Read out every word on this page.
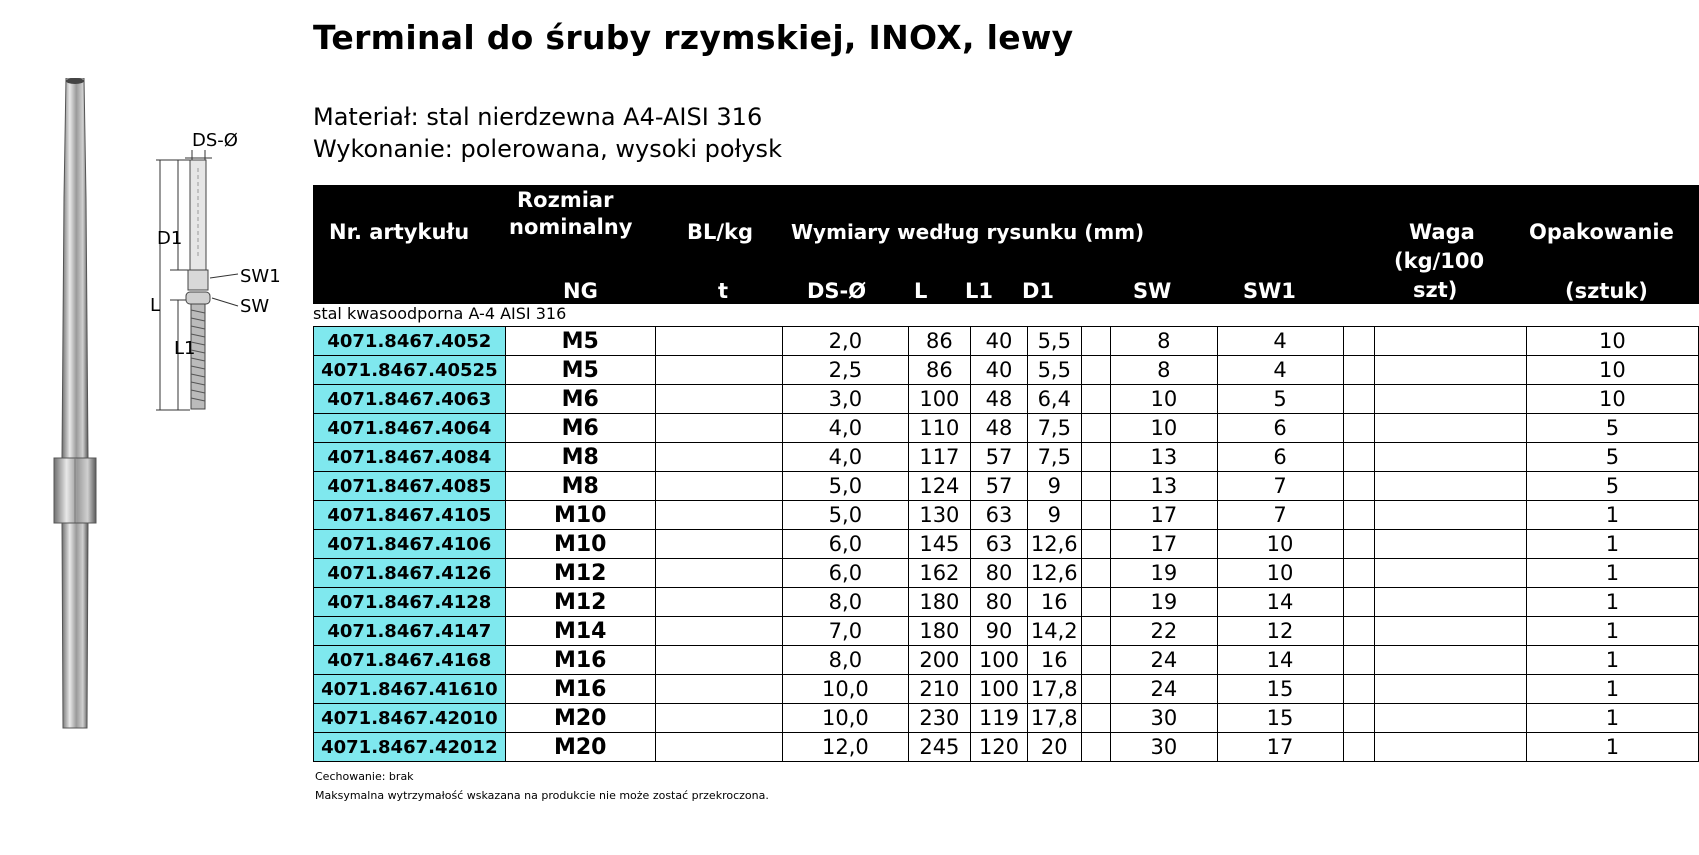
Terminal do śruby rzymskiej, INOX, lewy
Materiał: stal nierdzewna A4-AISI 316
Wykonanie: polerowana, wysoki połysk
DS-Ø
D1
SW1
L	SW
L1
Nr. artykułu
Rozmiar
nominalny
NG
BL/kg
t
Wymiary według rysunku (mm)
DS-Ø L L1 D1	SW	SW1
Waga
(kg/100
szt)
Opakowanie
(sztuk)
stal kwasoodporna A-4 AISI 316
4071.8467.4052	M5		2,0	86	40	5,5		8	4			10
4071.8467.40525	M5		2,5	86	40	5,5		8	4			10
4071.8467.4063	M6		3,0	100	48	6,4		10	5			10
4071.8467.4064	M6		4,0	110	48	7,5		10	6			5
4071.8467.4084	M8		4,0	117	57	7,5		13	6			5
4071.8467.4085	M8		5,0	124	57	9		13	7			5
4071.8467.4105	M10		5,0	130	63	9		17	7			1
4071.8467.4106	M10		6,0	145	63	12,6		17	10			1
4071.8467.4126	M12		6,0	162	80	12,6		19	10			1
4071.8467.4128	M12		8,0	180	80	16		19	14			1
4071.8467.4147	M14		7,0	180	90	14,2		22	12			1
4071.8467.4168	M16		8,0	200	100	16		24	14			1
4071.8467.41610	M16		10,0	210	100	17,8		24	15			1
4071.8467.42010	M20		10,0	230	119	17,8		30	15			1
4071.8467.42012	M20		12,0	245	120	20		30	17			1
Cechowanie: brak
Maksymalna wytrzymałość wskazana na produkcie nie może zostać przekroczona.
